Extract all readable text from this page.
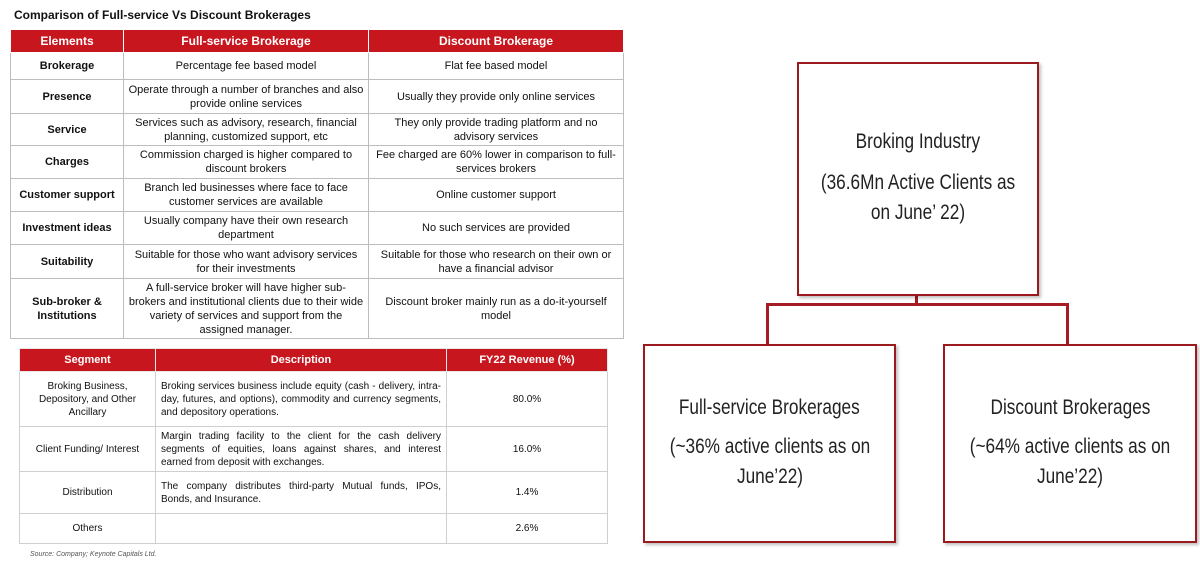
Comparison of Full-service Vs Discount Brokerages
Elements	Full-service Brokerage	Discount Brokerage
Brokerage	Percentage fee based model	Flat fee based model
Presence	Operate through a number of branches and also provide online services	Usually they provide only online services
Service	Services such as advisory, research, financial planning, customized support, etc	They only provide trading platform and no advisory services
Charges	Commission charged is higher compared to discount brokers	Fee charged are 60% lower in comparison to full-services brokers
Customer support	Branch led businesses where face to face customer services are available	Online customer support
Investment ideas	Usually company have their own research department	No such services are provided
Suitability	Suitable for those who want advisory services for their investments	Suitable for those who research on their own or have a financial advisor
Sub-broker & Institutions	A full-service broker will have higher sub-brokers and institutional clients due to their wide variety of services and support from the assigned manager.	Discount broker mainly run as a do-it-yourself model
Segment	Description	FY22 Revenue (%)
Broking Business, Depository, and Other Ancillary	Broking services business include equity (cash - delivery, intra-day, futures, and options), commodity and currency segments, and depository operations.	80.0%
Client Funding/ Interest	Margin trading facility to the client for the cash delivery segments of equities, loans against shares, and interest earned from deposit with exchanges.	16.0%
Distribution	The company distributes third-party Mutual funds, IPOs, Bonds, and Insurance.	1.4%
Others		2.6%
Source: Company; Keynote Capitals Ltd.
Broking Industry
(36.6Mn Active Clients as on June’ 22)
Full-service Brokerages
(~36% active clients as on June’22)
Discount Brokerages
(~64% active clients as on June’22)
